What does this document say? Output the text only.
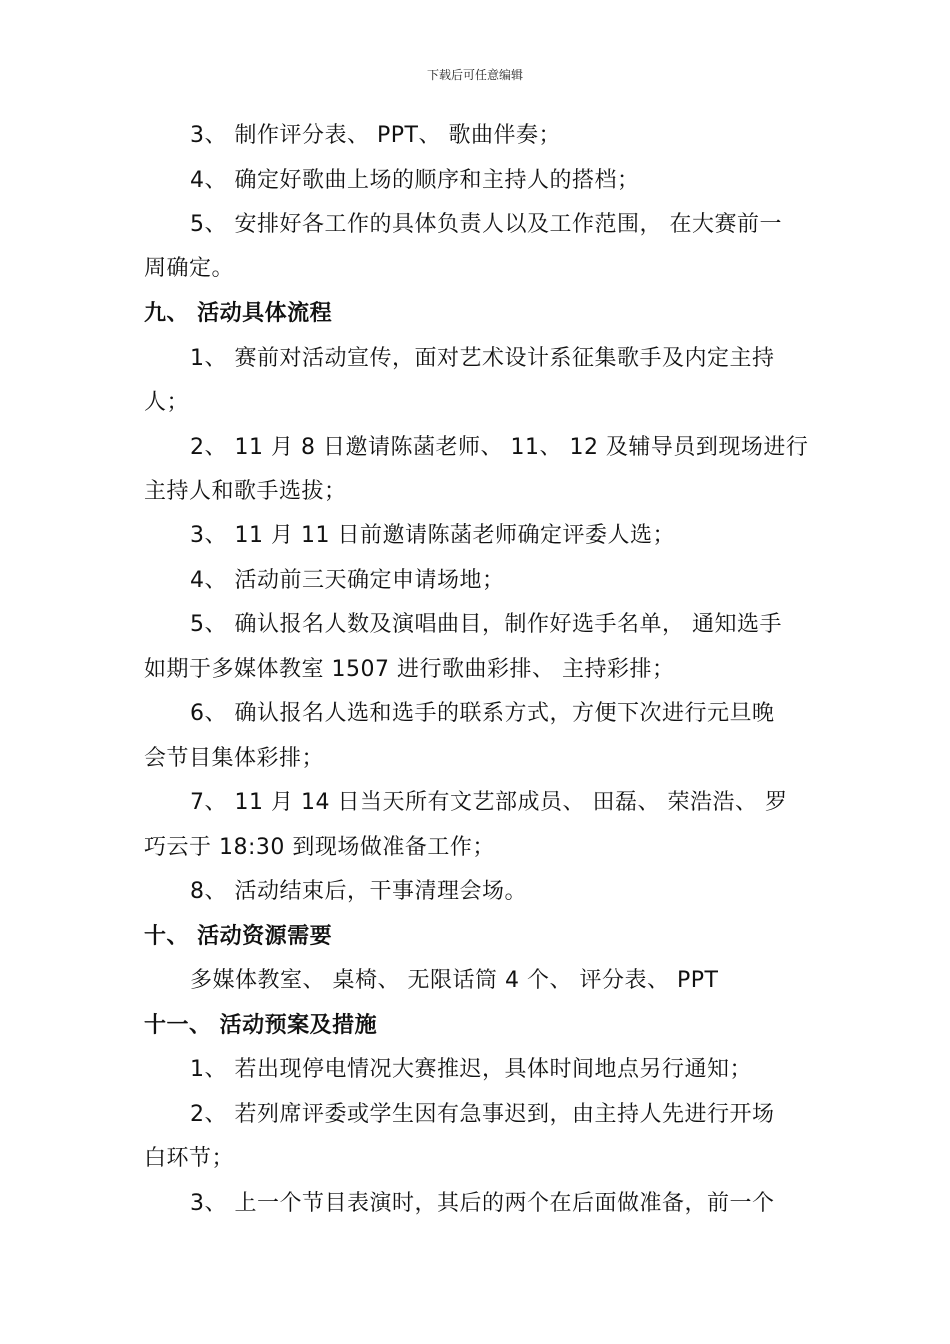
下载后可任意编辑
3、 制作评分表、 PPT、 歌曲伴奏；
4、 确定好歌曲上场的顺序和主持人的搭档；
5、 安排好各工作的具体负责人以及工作范围， 在大赛前一
周确定。
九、 活动具体流程
1、 赛前对活动宣传，面对艺术设计系征集歌手及内定主持
人；
2、 11 月 8 日邀请陈菡老师、 11、 12 及辅导员到现场进行
主持人和歌手选拔；
3、 11 月 11 日前邀请陈菡老师确定评委人选；
4、 活动前三天确定申请场地；
5、 确认报名人数及演唱曲目，制作好选手名单， 通知选手
如期于多媒体教室 1507 进行歌曲彩排、 主持彩排；
6、 确认报名人选和选手的联系方式，方便下次进行元旦晚
会节目集体彩排；
7、 11 月 14 日当天所有文艺部成员、 田磊、 荣浩浩、 罗
巧云于 18:30 到现场做准备工作；
8、 活动结束后，干事清理会场。
十、 活动资源需要
多媒体教室、 桌椅、 无限话筒 4 个、 评分表、 PPT
十一、 活动预案及措施
1、 若出现停电情况大赛推迟，具体时间地点另行通知；
2、 若列席评委或学生因有急事迟到，由主持人先进行开场
白环节；
3、 上一个节目表演时，其后的两个在后面做准备，前一个
